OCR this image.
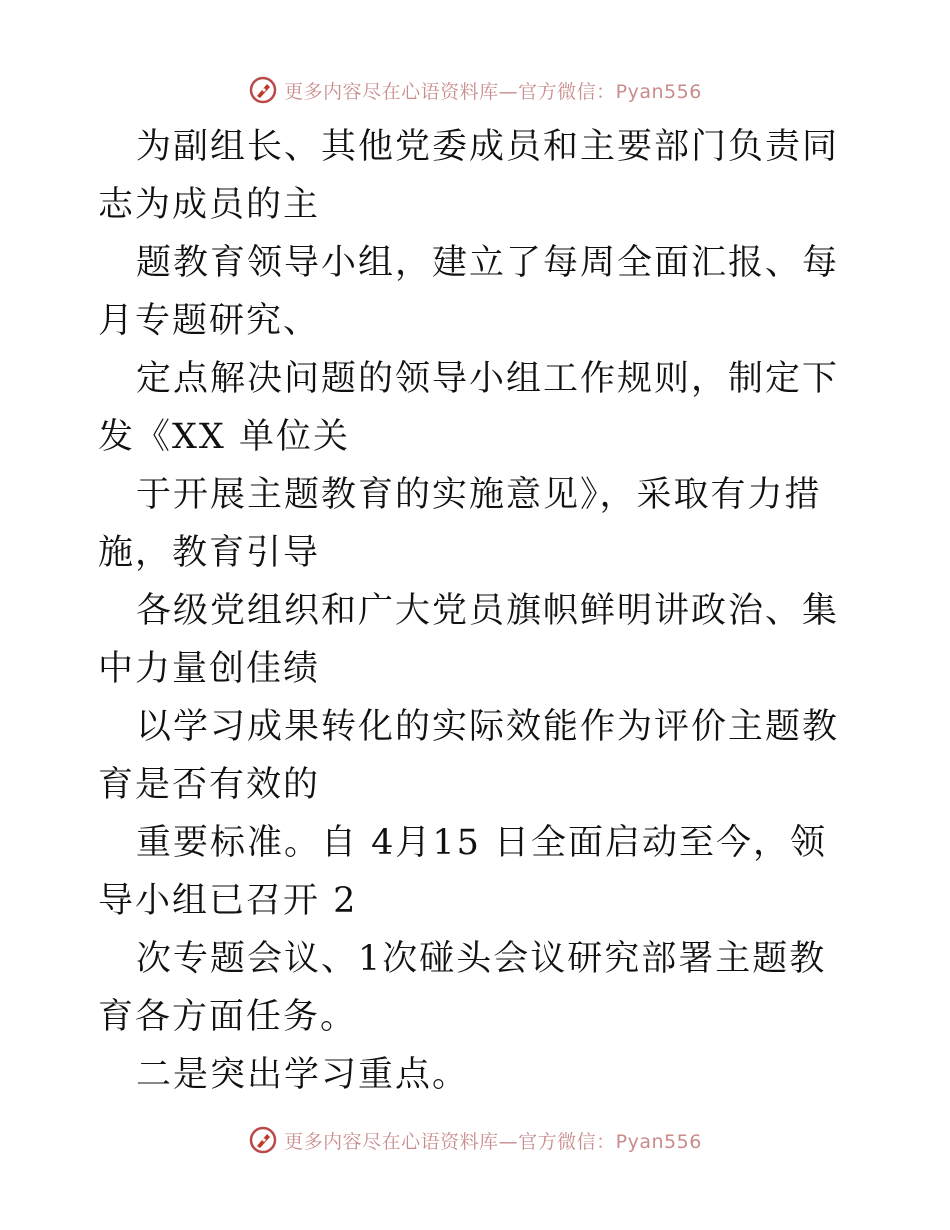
更多内容尽在心语资料库—官方微信：Pyan556

为副组长、其他党委成员和主要部门负责同志为成员的主

题教育领导小组，建立了每周全面汇报、每月专题研究、

定点解决问题的领导小组工作规则，制定下发《XX 单位关

于开展主题教育的实施意见》，采取有力措施，教育引导

各级党组织和广大党员旗帜鲜明讲政治、集中力量创佳绩

以学习成果转化的实际效能作为评价主题教育是否有效的

重要标准。自 4月15 日全面启动至今，领导小组已召开 2

次专题会议、1次碰头会议研究部署主题教育各方面任务。

二是突出学习重点。

更多内容尽在心语资料库—官方微信：Pyan556
